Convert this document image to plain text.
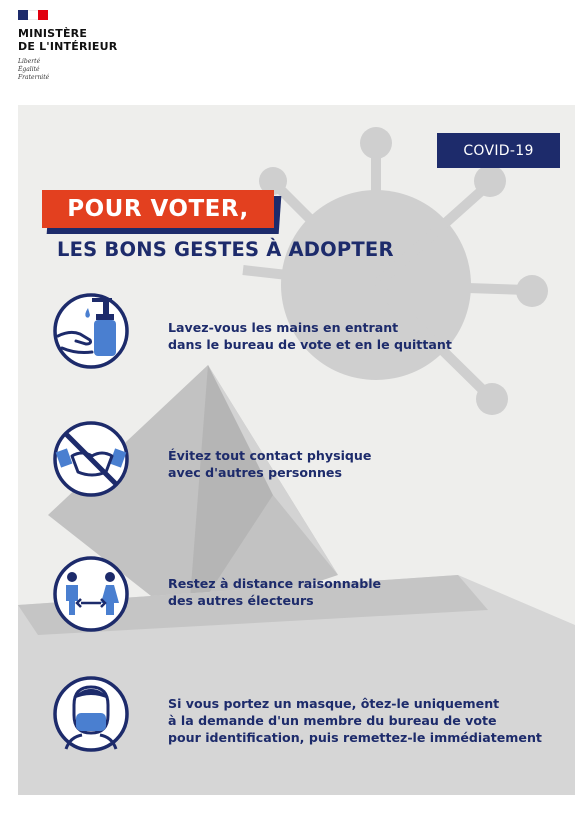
MINISTÈRE
DE L'INTÉRIEUR
Liberté
Égalité
Fraternité
COVID-19
POUR VOTER,
LES BONS GESTES À ADOPTER
Lavez-vous les mains en entrant
dans le bureau de vote et en le quittant
Évitez tout contact physique
avec d'autres personnes
Restez à distance raisonnable
des autres électeurs
Si vous portez un masque, ôtez-le uniquement
à la demande d'un membre du bureau de vote
pour identification, puis remettez-le immédiatement
